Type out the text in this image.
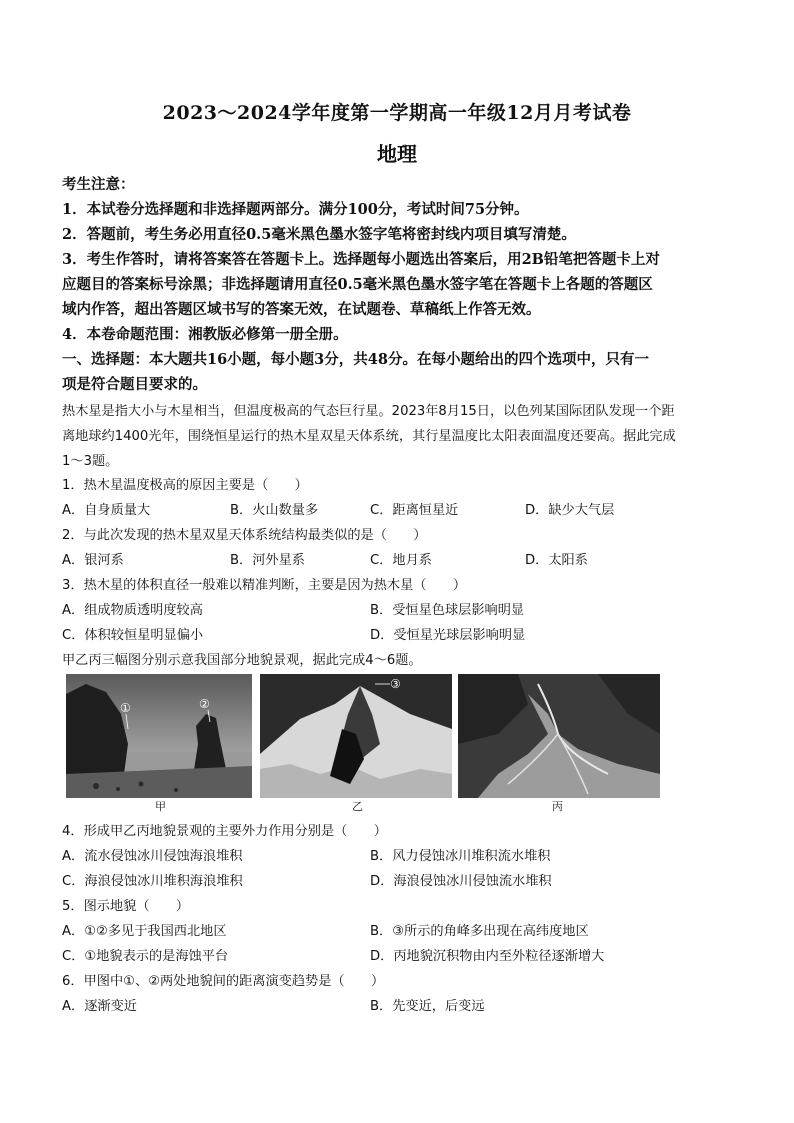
2023～2024学年度第一学期高一年级12月月考试卷
地理
考生注意：
1．本试卷分选择题和非选择题两部分。满分100分，考试时间75分钟。
2．答题前，考生务必用直径0.5毫米黑色墨水签字笔将密封线内项目填写清楚。
3．考生作答时，请将答案答在答题卡上。选择题每小题选出答案后，用2B铅笔把答题卡上对
应题目的答案标号涂黑；非选择题请用直径0.5毫米黑色墨水签字笔在答题卡上各题的答题区
域内作答，超出答题区域书写的答案无效，在试题卷、草稿纸上作答无效。
4．本卷命题范围：湘教版必修第一册全册。
一、选择题：本大题共16小题，每小题3分，共48分。在每小题给出的四个选项中，只有一
项是符合题目要求的。
热木星是指大小与木星相当，但温度极高的气态巨行星。2023年8月15日，以色列某国际团队发现一个距
离地球约1400光年，围绕恒星运行的热木星双星天体系统，其行星温度比太阳表面温度还要高。据此完成
1～3题。
1．热木星温度极高的原因主要是（　　）
A．自身质量大	B．火山数量多	C．距离恒星近	D．缺少大气层
2．与此次发现的热木星双星天体系统结构最类似的是（　　）
A．银河系	B．河外星系	C．地月系	D．太阳系
3．热木星的体积直径一般难以精准判断，主要是因为热木星（　　）
A．组成物质透明度较高	B．受恒星色球层影响明显
C．体积较恒星明显偏小	D．受恒星光球层影响明显
甲乙丙三幅图分别示意我国部分地貌景观，据此完成4～6题。
①	②
甲
③
乙	丙
4．形成甲乙丙地貌景观的主要外力作用分别是（　　）
A．流水侵蚀冰川侵蚀海浪堆积	B．风力侵蚀冰川堆积流水堆积
C．海浪侵蚀冰川堆积海浪堆积	D．海浪侵蚀冰川侵蚀流水堆积
5．图示地貌（　　）
A．①②多见于我国西北地区	B．③所示的角峰多出现在高纬度地区
C．①地貌表示的是海蚀平台	D．丙地貌沉积物由内至外粒径逐渐增大
6．甲图中①、②两处地貌间的距离演变趋势是（　　）
A．逐渐变近	B．先变近，后变远
